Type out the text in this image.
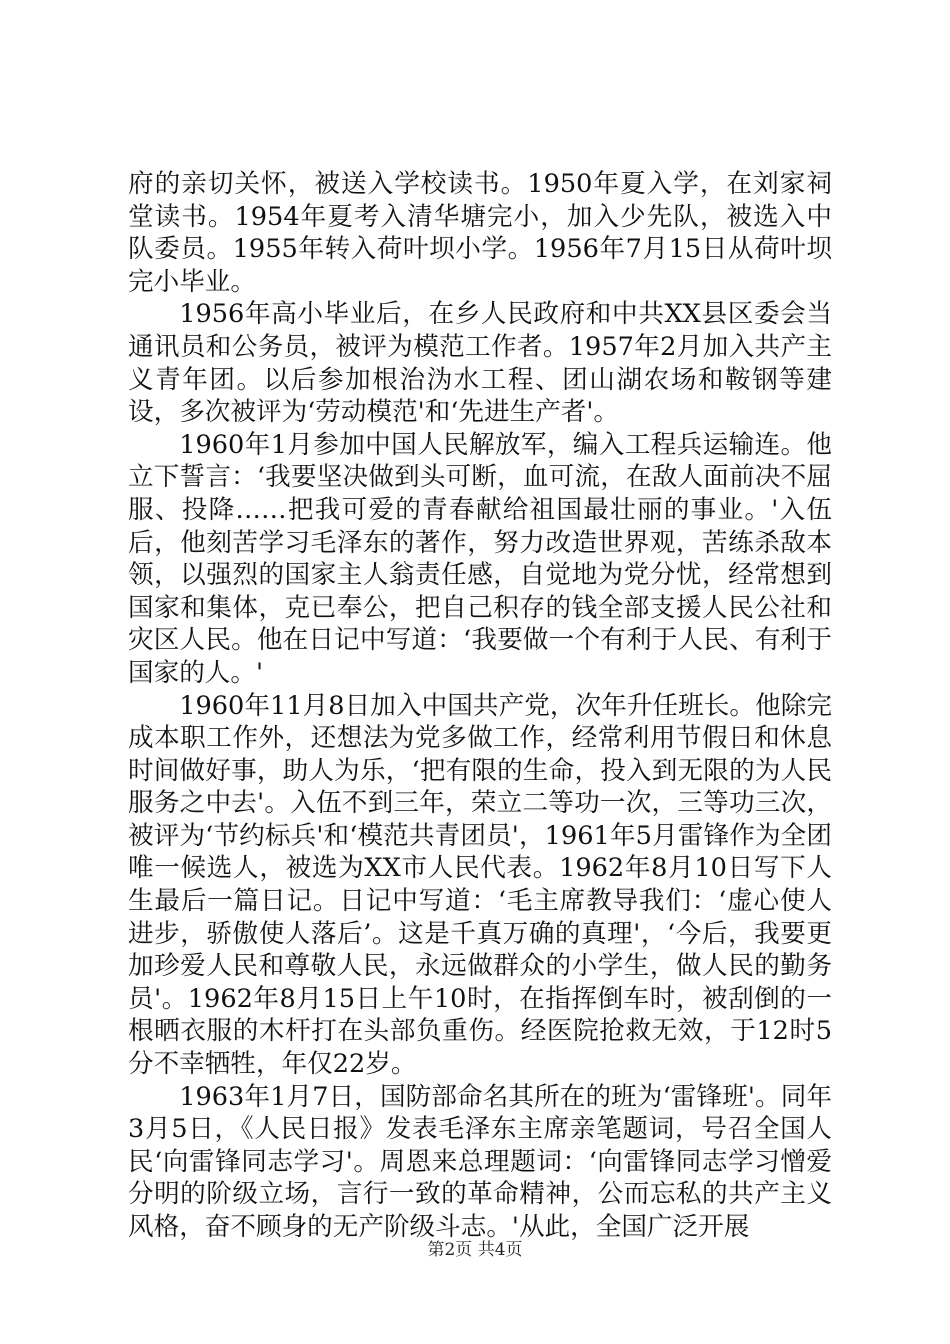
府的亲切关怀，被送入学校读书。1950年夏入学，在刘家祠堂读书。1954年夏考入清华塘完小，加入少先队，被选入中队委员。1955年转入荷叶坝小学。1956年7月15日从荷叶坝完小毕业。

1956年高小毕业后，在乡人民政府和中共XX县区委会当通讯员和公务员，被评为模范工作者。1957年2月加入共产主义青年团。以后参加根治沩水工程、团山湖农场和鞍钢等建设，多次被评为‘劳动模范'和‘先进生产者'。

1960年1月参加中国人民解放军，编入工程兵运输连。他立下誓言：‘我要坚决做到头可断，血可流，在敌人面前决不屈服、投降……把我可爱的青春献给祖国最壮丽的事业。'入伍后，他刻苦学习毛泽东的著作，努力改造世界观，苦练杀敌本领，以强烈的国家主人翁责任感，自觉地为党分忧，经常想到国家和集体，克已奉公，把自己积存的钱全部支援人民公社和灾区人民。他在日记中写道：‘我要做一个有利于人民、有利于国家的人。'

1960年11月8日加入中国共产党，次年升任班长。他除完成本职工作外，还想法为党多做工作，经常利用节假日和休息时间做好事，助人为乐，‘把有限的生命，投入到无限的为人民服务之中去'。入伍不到三年，荣立二等功一次，三等功三次，被评为‘节约标兵'和‘模范共青团员'，1961年5月雷锋作为全团唯一候选人，被选为XX市人民代表。1962年8月10日写下人生最后一篇日记。日记中写道：‘毛主席教导我们：‘虚心使人进步，骄傲使人落后’。这是千真万确的真理'，‘今后，我要更加珍爱人民和尊敬人民，永远做群众的小学生，做人民的勤务员'。1962年8月15日上午10时，在指挥倒车时，被刮倒的一根晒衣服的木杆打在头部负重伤。经医院抢救无效，于12时5分不幸牺牲，年仅22岁。

1963年1月7日，国防部命名其所在的班为‘雷锋班'。同年3月5日，《人民日报》发表毛泽东主席亲笔题词，号召全国人民‘向雷锋同志学习'。周恩来总理题词：‘向雷锋同志学习憎爱分明的阶级立场，言行一致的革命精神，公而忘私的共产主义风格，奋不顾身的无产阶级斗志。'从此，全国广泛开展

第2页 共4页
